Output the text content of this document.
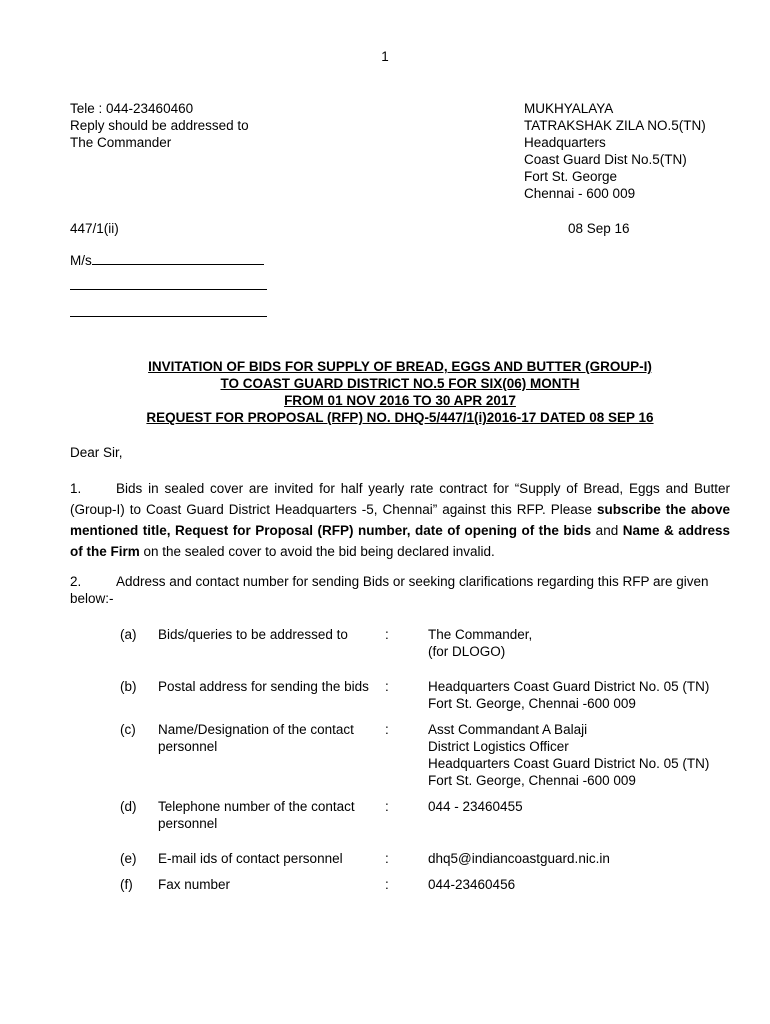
1
Tele : 044-23460460
Reply should be addressed to
The Commander
MUKHYALAYA
TATRAKSHAK ZILA NO.5(TN)
Headquarters
Coast Guard Dist No.5(TN)
Fort St. George
Chennai - 600 009
447/1(ii)	08 Sep 16
M/s
INVITATION OF BIDS FOR SUPPLY OF BREAD, EGGS AND BUTTER (GROUP-I)
TO COAST GUARD DISTRICT NO.5 FOR SIX(06) MONTH
FROM 01 NOV 2016 TO 30 APR 2017
REQUEST FOR PROPOSAL (RFP) NO. DHQ-5/447/1(i)2016-17 DATED 08 SEP 16
Dear Sir,
1.	Bids in sealed cover are invited for half yearly rate contract for “Supply of Bread, Eggs and Butter (Group-I) to Coast Guard District Headquarters -5, Chennai” against this RFP. Please subscribe the above mentioned title, Request for Proposal (RFP) number, date of opening of the bids and Name & address of the Firm on the sealed cover to avoid the bid being declared invalid.
2.	Address and contact number for sending Bids or seeking clarifications regarding this RFP are given below:-
(a) Bids/queries to be addressed to	:	The Commander,
(for DLOGO)
(b) Postal address for sending the bids	:	Headquarters Coast Guard District No. 05 (TN)
Fort St. George, Chennai -600 009
(c) Name/Designation of the contact personnel
:	Asst Commandant A Balaji
District Logistics Officer
Headquarters Coast Guard District No. 05 (TN)
Fort St. George, Chennai -600 009
(d) Telephone number of the contact personnel
:	044 - 23460455
(e) E-mail ids of contact personnel	:	dhq5@indiancoastguard.nic.in
(f) Fax number	:	044-23460456
